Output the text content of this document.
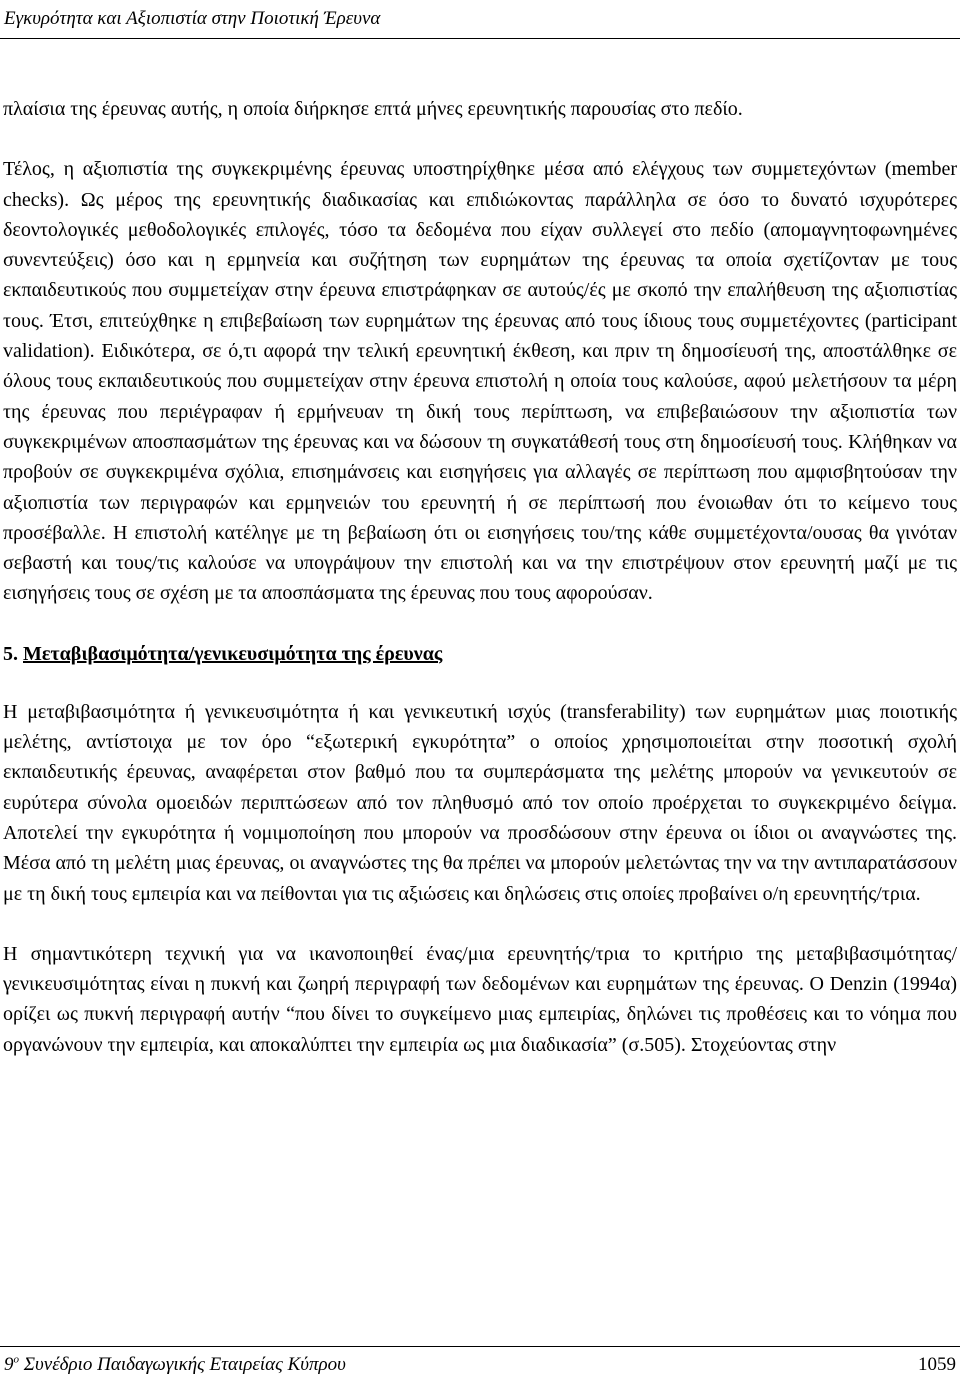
Εγκυρότητα και Αξιοπιστία στην Ποιοτική Έρευνα

πλαίσια της έρευνας αυτής, η οποία διήρκησε επτά μήνες ερευνητικής παρουσίας στο πεδίο.

Τέλος, η αξιοπιστία της συγκεκριμένης έρευνας υποστηρίχθηκε μέσα από ελέγχους των συμμετεχόντων (member checks). Ως μέρος της ερευνητικής διαδικασίας και επιδιώκοντας παράλληλα σε όσο το δυνατό ισχυρότερες δεοντολογικές μεθοδολογικές επιλογές, τόσο τα δεδομένα που είχαν συλλεγεί στο πεδίο (απομαγνητοφωνημένες συνεντεύξεις) όσο και η ερμηνεία και συζήτηση των ευρημάτων της έρευνας τα οποία σχετίζονταν με τους εκπαιδευτικούς που συμμετείχαν στην έρευνα επιστράφηκαν σε αυτούς/ές με σκοπό την επαλήθευση της αξιοπιστίας τους. Έτσι, επιτεύχθηκε η επιβεβαίωση των ευρημάτων της έρευνας από τους ίδιους τους συμμετέχοντες (participant validation). Ειδικότερα, σε ό,τι αφορά την τελική ερευνητική έκθεση, και πριν τη δημοσίευσή της, αποστάλθηκε σε όλους τους εκπαιδευτικούς που συμμετείχαν στην έρευνα επιστολή η οποία τους καλούσε, αφού μελετήσουν τα μέρη της έρευνας που περιέγραφαν ή ερμήνευαν τη δική τους περίπτωση, να επιβεβαιώσουν την αξιοπιστία των συγκεκριμένων αποσπασμάτων της έρευνας και να δώσουν τη συγκατάθεσή τους στη δημοσίευσή τους. Κλήθηκαν να προβούν σε συγκεκριμένα σχόλια, επισημάνσεις και εισηγήσεις για αλλαγές σε περίπτωση που αμφισβητούσαν την αξιοπιστία των περιγραφών και ερμηνειών του ερευνητή ή σε περίπτωσή που ένοιωθαν ότι το κείμενο τους προσέβαλλε. Η επιστολή κατέληγε με τη βεβαίωση ότι οι εισηγήσεις του/της κάθε συμμετέχοντα/ουσας θα γινόταν σεβαστή και τους/τις καλούσε να υπογράψουν την επιστολή και να την επιστρέψουν στον ερευνητή μαζί με τις εισηγήσεις τους σε σχέση με τα αποσπάσματα της έρευνας που τους αφορούσαν.

5. Μεταβιβασιμότητα/γενικευσιμότητα της έρευνας

Η μεταβιβασιμότητα ή γενικευσιμότητα ή και γενικευτική ισχύς (transferability) των ευρημάτων μιας ποιοτικής μελέτης, αντίστοιχα με τον όρο “εξωτερική εγκυρότητα” ο οποίος χρησιμοποιείται στην ποσοτική σχολή εκπαιδευτικής έρευνας, αναφέρεται στον βαθμό που τα συμπεράσματα της μελέτης μπορούν να γενικευτούν σε ευρύτερα σύνολα ομοειδών περιπτώσεων από τον πληθυσμό από τον οποίο προέρχεται το συγκεκριμένο δείγμα. Αποτελεί την εγκυρότητα ή νομιμοποίηση που μπορούν να προσδώσουν στην έρευνα οι ίδιοι οι αναγνώστες της. Μέσα από τη μελέτη μιας έρευνας, οι αναγνώστες της θα πρέπει να μπορούν μελετώντας την να την αντιπαρατάσσουν με τη δική τους εμπειρία και να πείθονται για τις αξιώσεις και δηλώσεις στις οποίες προβαίνει ο/η ερευνητής/τρια.

Η σημαντικότερη τεχνική για να ικανοποιηθεί ένας/μια ερευνητής/τρια το κριτήριο της μεταβιβασιμότητας/γενικευσιμότητας είναι η πυκνή και ζωηρή περιγραφή των δεδομένων και ευρημάτων της έρευνας. Ο Denzin (1994α) ορίζει ως πυκνή περιγραφή αυτήν “που δίνει το συγκείμενο μιας εμπειρίας, δηλώνει τις προθέσεις και το νόημα που οργανώνουν την εμπειρία, και αποκαλύπτει την εμπειρία ως μια διαδικασία” (σ.505). Στοχεύοντας στην

$9^o$ Συνέδριο Παιδαγωγικής Εταιρείας Κύπρου	1059
